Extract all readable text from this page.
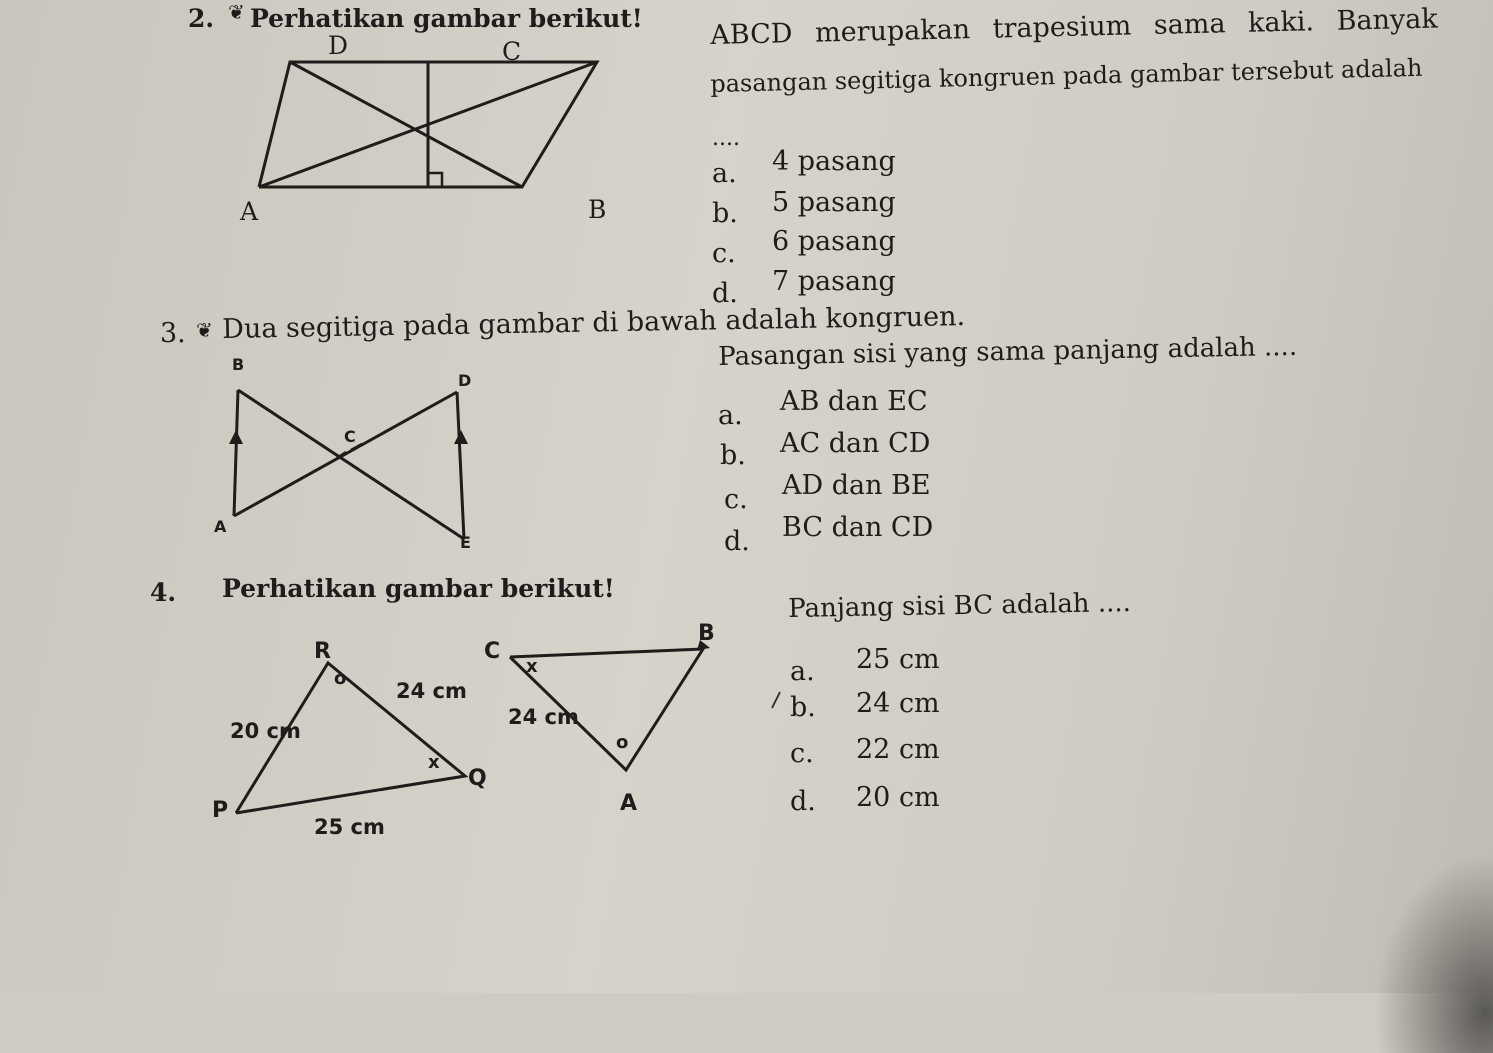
2. ❦ Perhatikan gambar berikut! ABCD merupakan trapesium sama kaki. Banyak
pasangan segitiga kongruen pada gambar tersebut adalah
....
a. 4 pasang
b. 5 pasang
c. 6 pasang
d. 7 pasang
D	C
A	B
3. ❦ Dua segitiga pada gambar di bawah adalah kongruen.
Pasangan sisi yang sama panjang adalah ....
a. AB dan EC
b. AC dan CD
c. AD dan BE
d. BC dan CD
B
D
C
A
E
4. Perhatikan gambar berikut!	Panjang sisi BC adalah ....
a. 25 cm
b. 24 cm
c. 22 cm
d. 20 cm
R
Q
P
o
x
24 cm
20 cm
25 cm
C
B
A
x
o
24 cm
